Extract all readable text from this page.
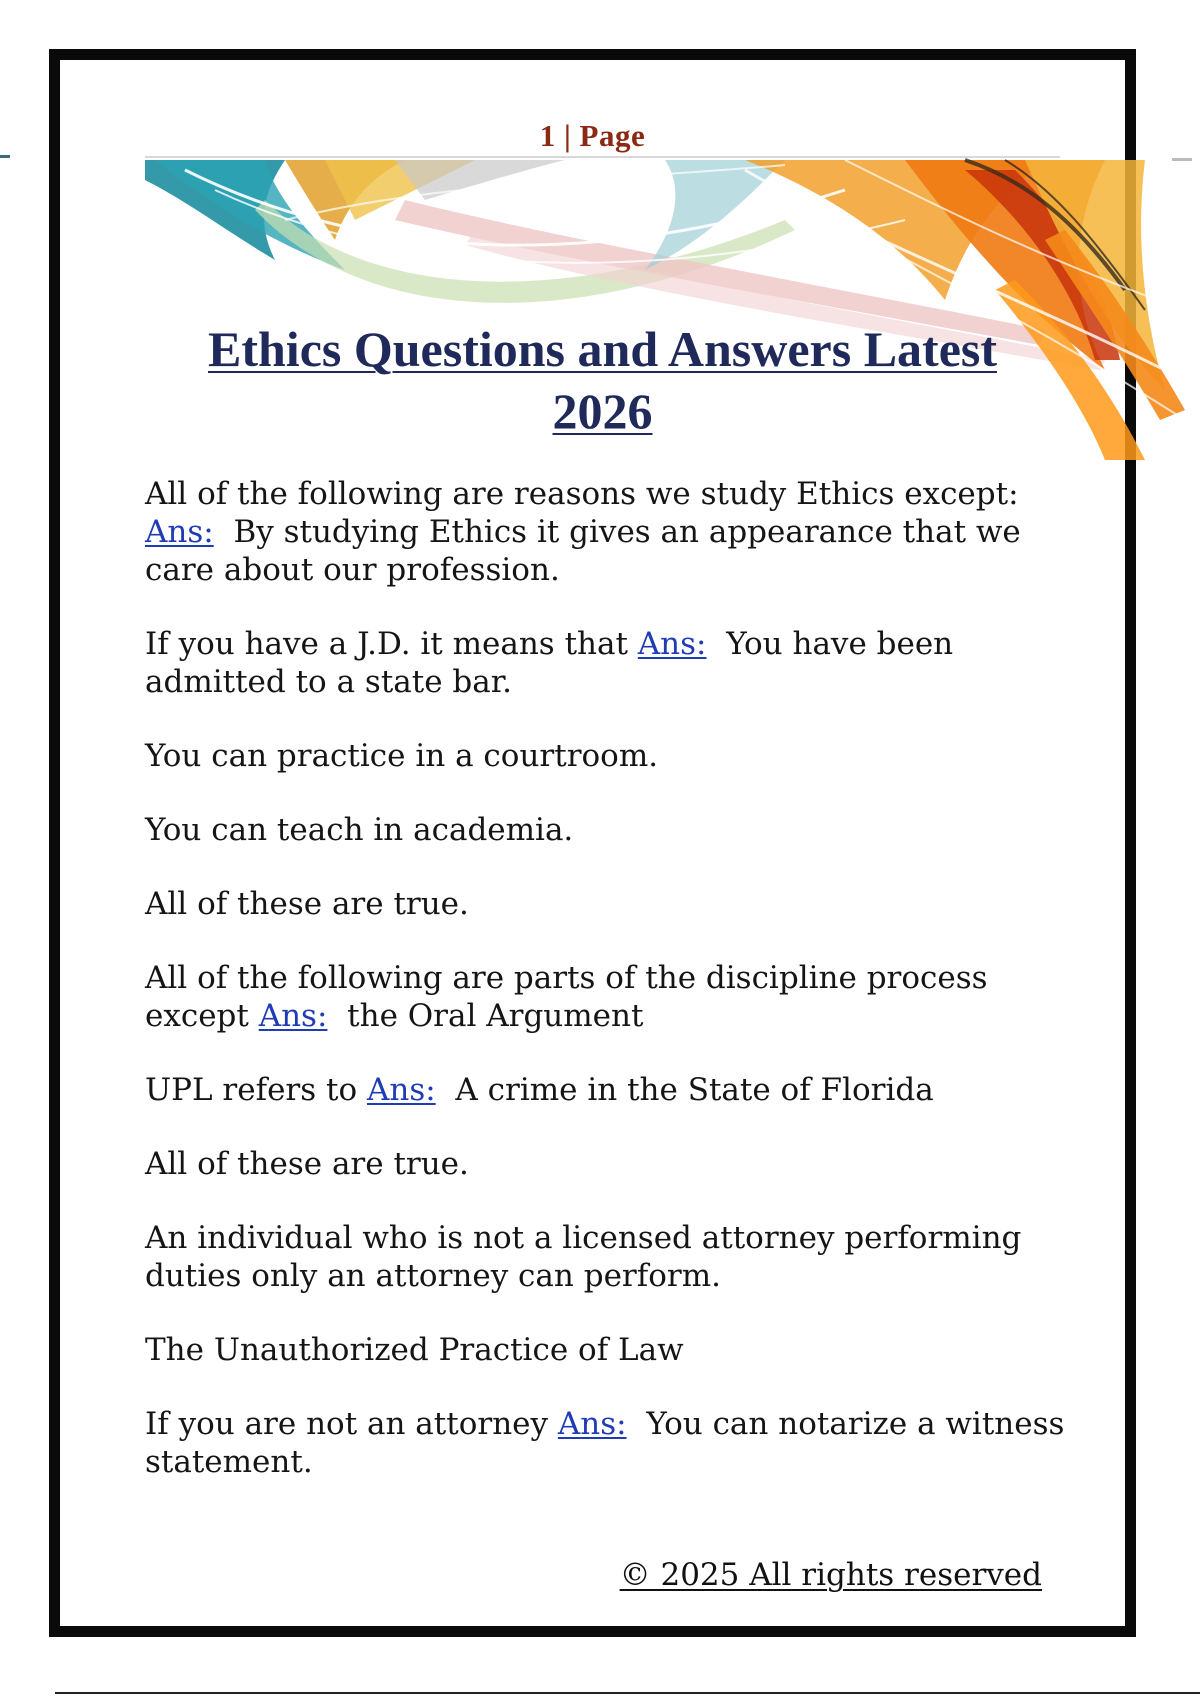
1 | Page
Ethics Questions and Answers Latest
2026

All of the following are reasons we study Ethics except:
Ans: By studying Ethics it gives an appearance that we care about our profession.

If you have a J.D. it means that Ans: You have been admitted to a state bar.

You can practice in a courtroom.

You can teach in academia.

All of these are true.

All of the following are parts of the discipline process except Ans: the Oral Argument

UPL refers to Ans: A crime in the State of Florida

All of these are true.

An individual who is not a licensed attorney performing duties only an attorney can perform.

The Unauthorized Practice of Law

If you are not an attorney Ans: You can notarize a witness statement.

© 2025 All rights reserved
